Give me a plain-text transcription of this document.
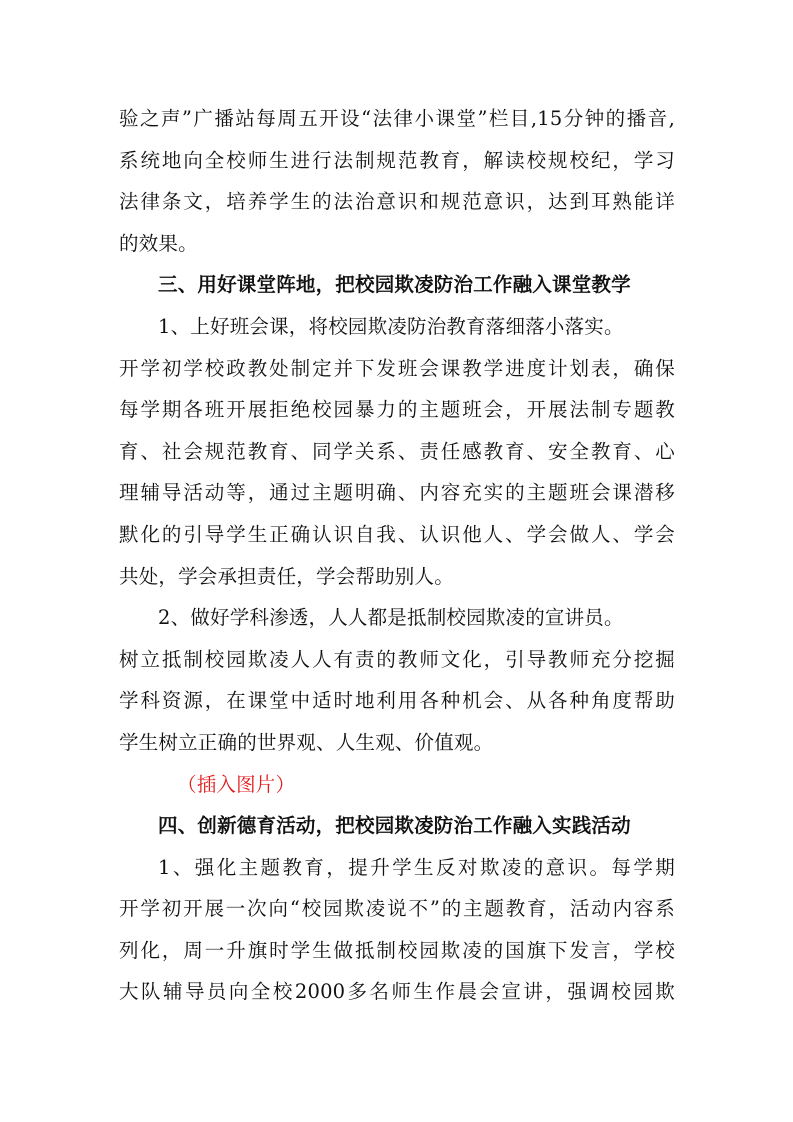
验之声”广播站每周五开设“法律小课堂”栏目,15分钟的播音,
系统地向全校师生进行法制规范教育，解读校规校纪，学习
法律条文，培养学生的法治意识和规范意识，达到耳熟能详
的效果。
三、用好课堂阵地，把校园欺凌防治工作融入课堂教学
1、上好班会课，将校园欺凌防治教育落细落小落实。
开学初学校政教处制定并下发班会课教学进度计划表，确保
每学期各班开展拒绝校园暴力的主题班会，开展法制专题教
育、社会规范教育、同学关系、责任感教育、安全教育、心
理辅导活动等，通过主题明确、内容充实的主题班会课潜移
默化的引导学生正确认识自我、认识他人、学会做人、学会
共处，学会承担责任，学会帮助别人。
2、做好学科渗透，人人都是抵制校园欺凌的宣讲员。
树立抵制校园欺凌人人有责的教师文化，引导教师充分挖掘
学科资源，在课堂中适时地利用各种机会、从各种角度帮助
学生树立正确的世界观、人生观、价值观。
（插入图片）
四、创新德育活动，把校园欺凌防治工作融入实践活动
1、强化主题教育，提升学生反对欺凌的意识。每学期
开学初开展一次向“校园欺凌说不”的主题教育，活动内容系
列化，周一升旗时学生做抵制校园欺凌的国旗下发言，学校
大队辅导员向全校2000多名师生作晨会宣讲，强调校园欺
